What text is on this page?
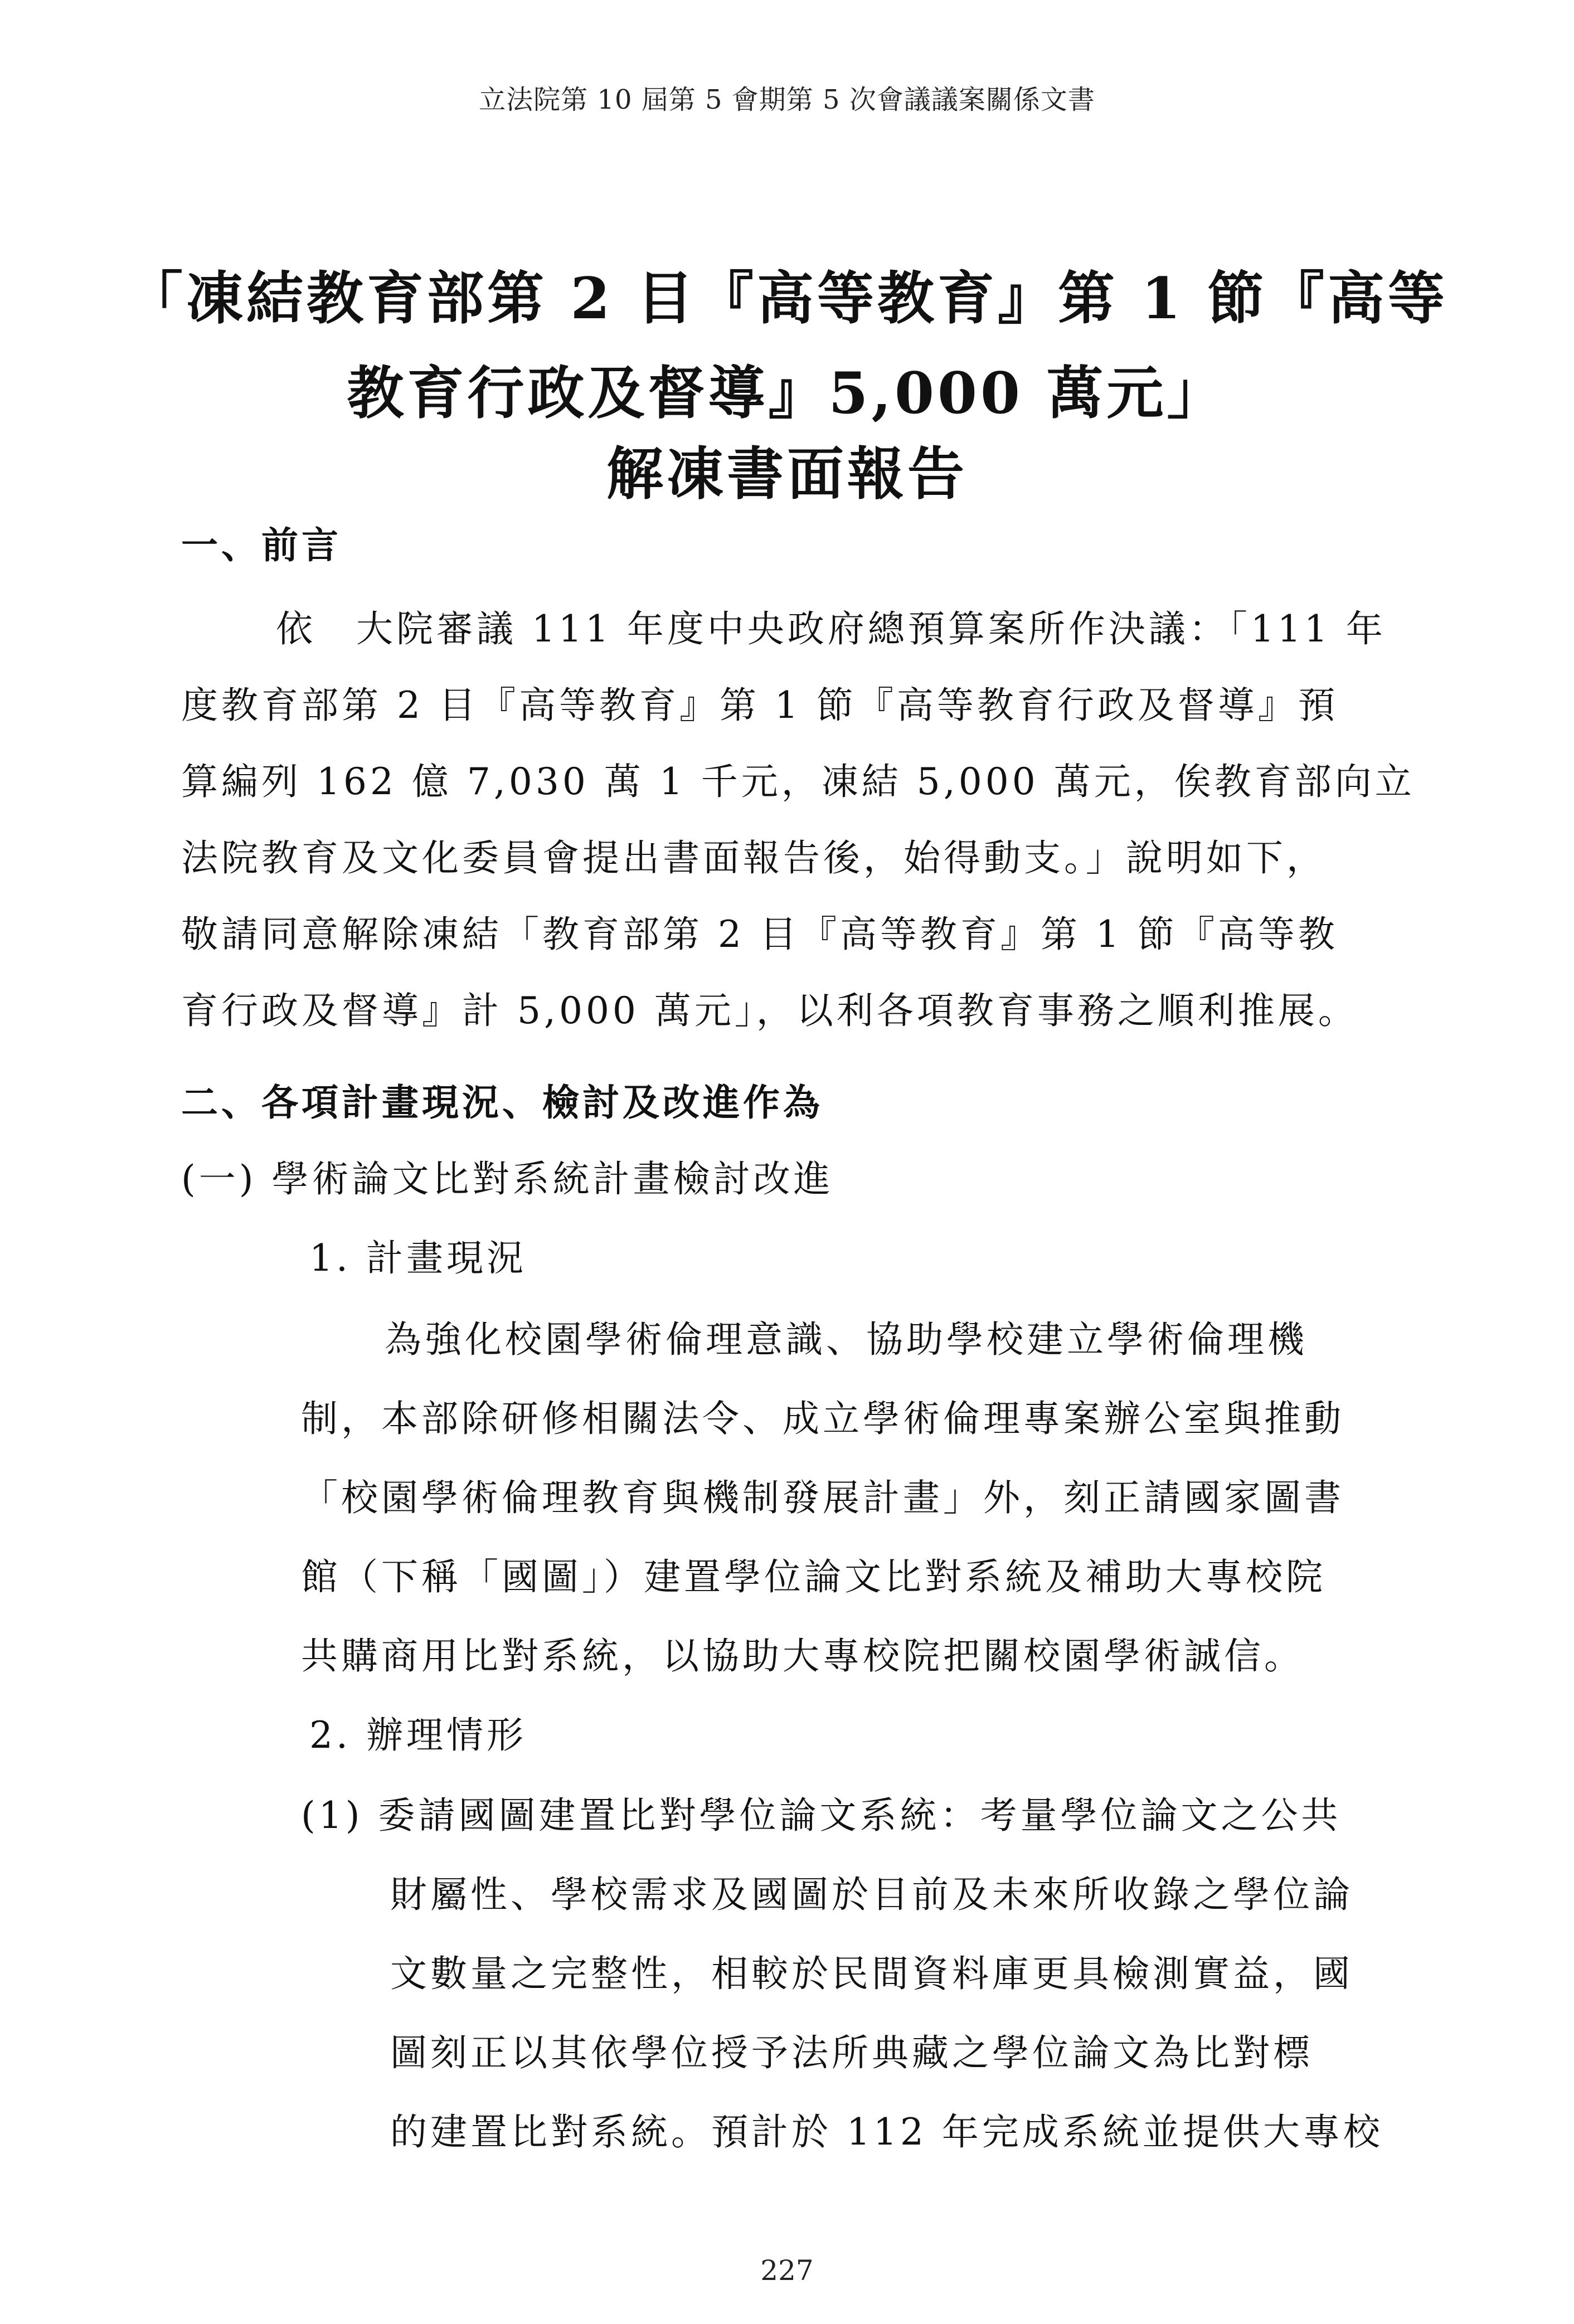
立法院第 10 屆第 5 會期第 5 次會議議案關係文書
「凍結教育部第 2 目『高等教育』第 1 節『高等
教育行政及督導』5,000 萬元」
解凍書面報告
一、前言
依　大院審議 111 年度中央政府總預算案所作決議：「111 年
度教育部第 2 目『高等教育』第 1 節『高等教育行政及督導』預
算編列 162 億 7,030 萬 1 千元，凍結 5,000 萬元，俟教育部向立
法院教育及文化委員會提出書面報告後，始得動支。」說明如下，
敬請同意解除凍結「教育部第 2 目『高等教育』第 1 節『高等教
育行政及督導』計 5,000 萬元」，以利各項教育事務之順利推展。
二、各項計畫現況、檢討及改進作為
(一) 學術論文比對系統計畫檢討改進
1. 計畫現況
為強化校園學術倫理意識、協助學校建立學術倫理機
制，本部除研修相關法令、成立學術倫理專案辦公室與推動
「校園學術倫理教育與機制發展計畫」外，刻正請國家圖書
館（下稱「國圖」）建置學位論文比對系統及補助大專校院
共購商用比對系統，以協助大專校院把關校園學術誠信。
2. 辦理情形
(1) 委請國圖建置比對學位論文系統：考量學位論文之公共
財屬性、學校需求及國圖於目前及未來所收錄之學位論
文數量之完整性，相較於民間資料庫更具檢測實益，國
圖刻正以其依學位授予法所典藏之學位論文為比對標
的建置比對系統。預計於 112 年完成系統並提供大專校
227
